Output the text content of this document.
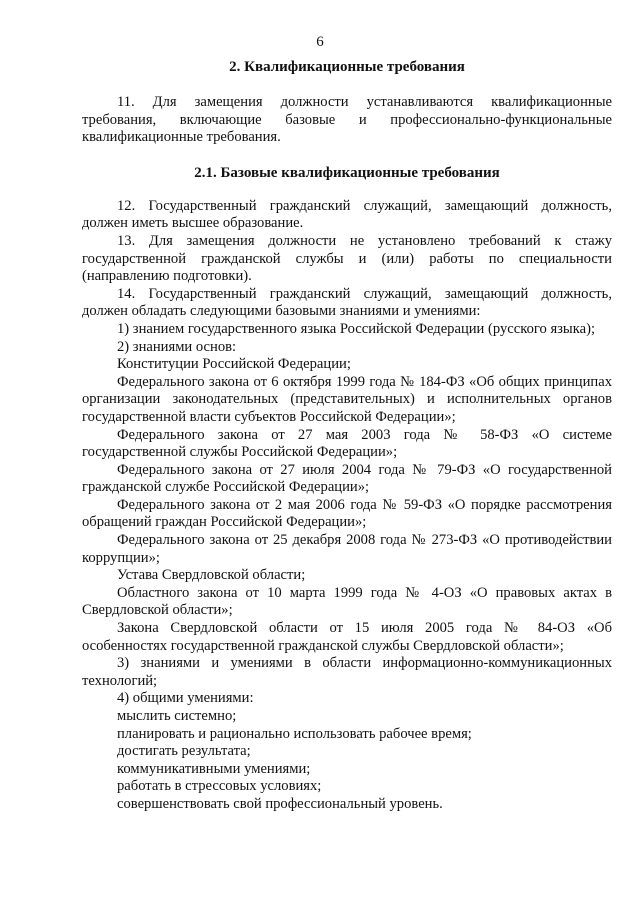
6
2. Квалификационные требования

11. Для замещения должности устанавливаются квалификационные требования, включающие базовые и профессионально-функциональные квалификационные требования.

2.1. Базовые квалификационные требования

12. Государственный гражданский служащий, замещающий должность, должен иметь высшее образование.

13. Для замещения должности не установлено требований к стажу государственной гражданской службы и (или) работы по специальности (направлению подготовки).

14. Государственный гражданский служащий, замещающий должность, должен обладать следующими базовыми знаниями и умениями:

1) знанием государственного языка Российской Федерации (русского языка);

2) знаниями основ:

Конституции Российской Федерации;

Федерального закона от 6 октября 1999 года № 184-ФЗ «Об общих принципах организации законодательных (представительных) и исполнительных органов государственной власти субъектов Российской Федерации»;

Федерального закона от 27 мая 2003 года № 58-ФЗ «О системе государственной службы Российской Федерации»;

Федерального закона от 27 июля 2004 года № 79-ФЗ «О государственной гражданской службе Российской Федерации»;

Федерального закона от 2 мая 2006 года № 59-ФЗ «О порядке рассмотрения обращений граждан Российской Федерации»;

Федерального закона от 25 декабря 2008 года № 273-ФЗ «О противодействии коррупции»;

Устава Свердловской области;

Областного закона от 10 марта 1999 года № 4-ОЗ «О правовых актах в Свердловской области»;

Закона Свердловской области от 15 июля 2005 года № 84-ОЗ «Об особенностях государственной гражданской службы Свердловской области»;

3) знаниями и умениями в области информационно-коммуникационных технологий;

4) общими умениями:

мыслить системно;

планировать и рационально использовать рабочее время;

достигать результата;

коммуникативными умениями;

работать в стрессовых условиях;

совершенствовать свой профессиональный уровень.
